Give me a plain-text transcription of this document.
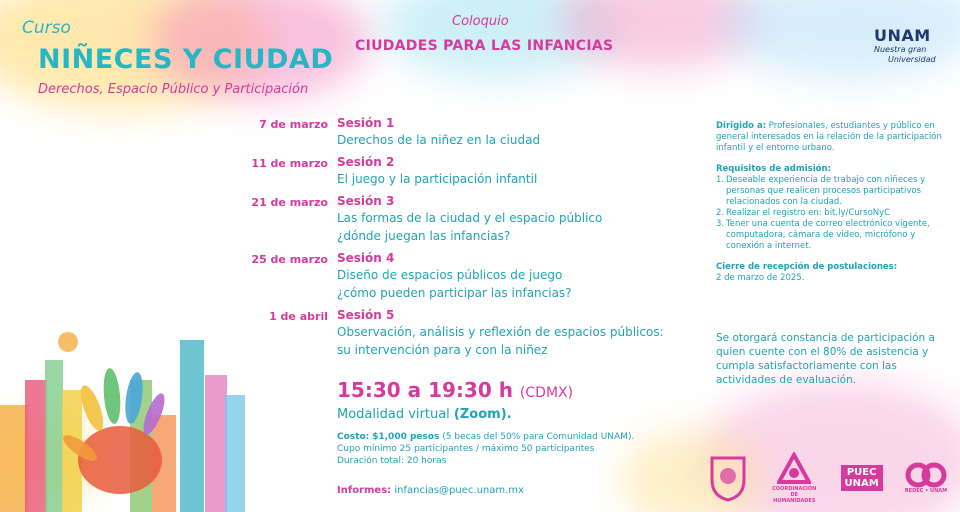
Curso
NIÑECES Y CIUDAD
Derechos, Espacio Público y Participación
Coloquio
CIUDADES PARA LAS INFANCIAS
UNAM
Nuestra gran
Universidad
7 de marzo Sesión 1
Derechos de la niñez en la ciudad
11 de marzo Sesión 2
El juego y la participación infantil
21 de marzo Sesión 3
Las formas de la ciudad y el espacio público
¿dónde juegan las infancias?
25 de marzo Sesión 4
Diseño de espacios públicos de juego
¿cómo pueden participar las infancias?
1 de abril Sesión 5
Observación, análisis y reflexión de espacios públicos:
su intervención para y con la niñez
15:30 a 19:30 h (CDMX)
Modalidad virtual (Zoom).
Costo: $1,000 pesos (5 becas del 50% para Comunidad UNAM).
Cupo mínimo 25 participantes / máximo 50 participantes
Duración total: 20 horas
Informes: infancias@puec.unam.mx
Dirigido a: Profesionales, estudiantes y público en general interesados en la relación de la participación infantil y el entorno urbano.
Requisitos de admisión:
1. Deseable experiencia de trabajo con niñeces y personas que realicen procesos participativos relacionados con la ciudad.
2. Realizar el registro en: bit.ly/CursoNyC
3. Tener una cuenta de correo electrónico vigente, computadora, cámara de video, micrófono y conexión a internet.
Cierre de recepción de postulaciones:
2 de marzo de 2025.
Se otorgará constancia de participación a quien cuente con el 80% de asistencia y cumpla satisfactoriamente con las actividades de evaluación.
COORDINACIÓN DE HUMANIDADES
PUEC
UNAM
REDEC • UNAM
